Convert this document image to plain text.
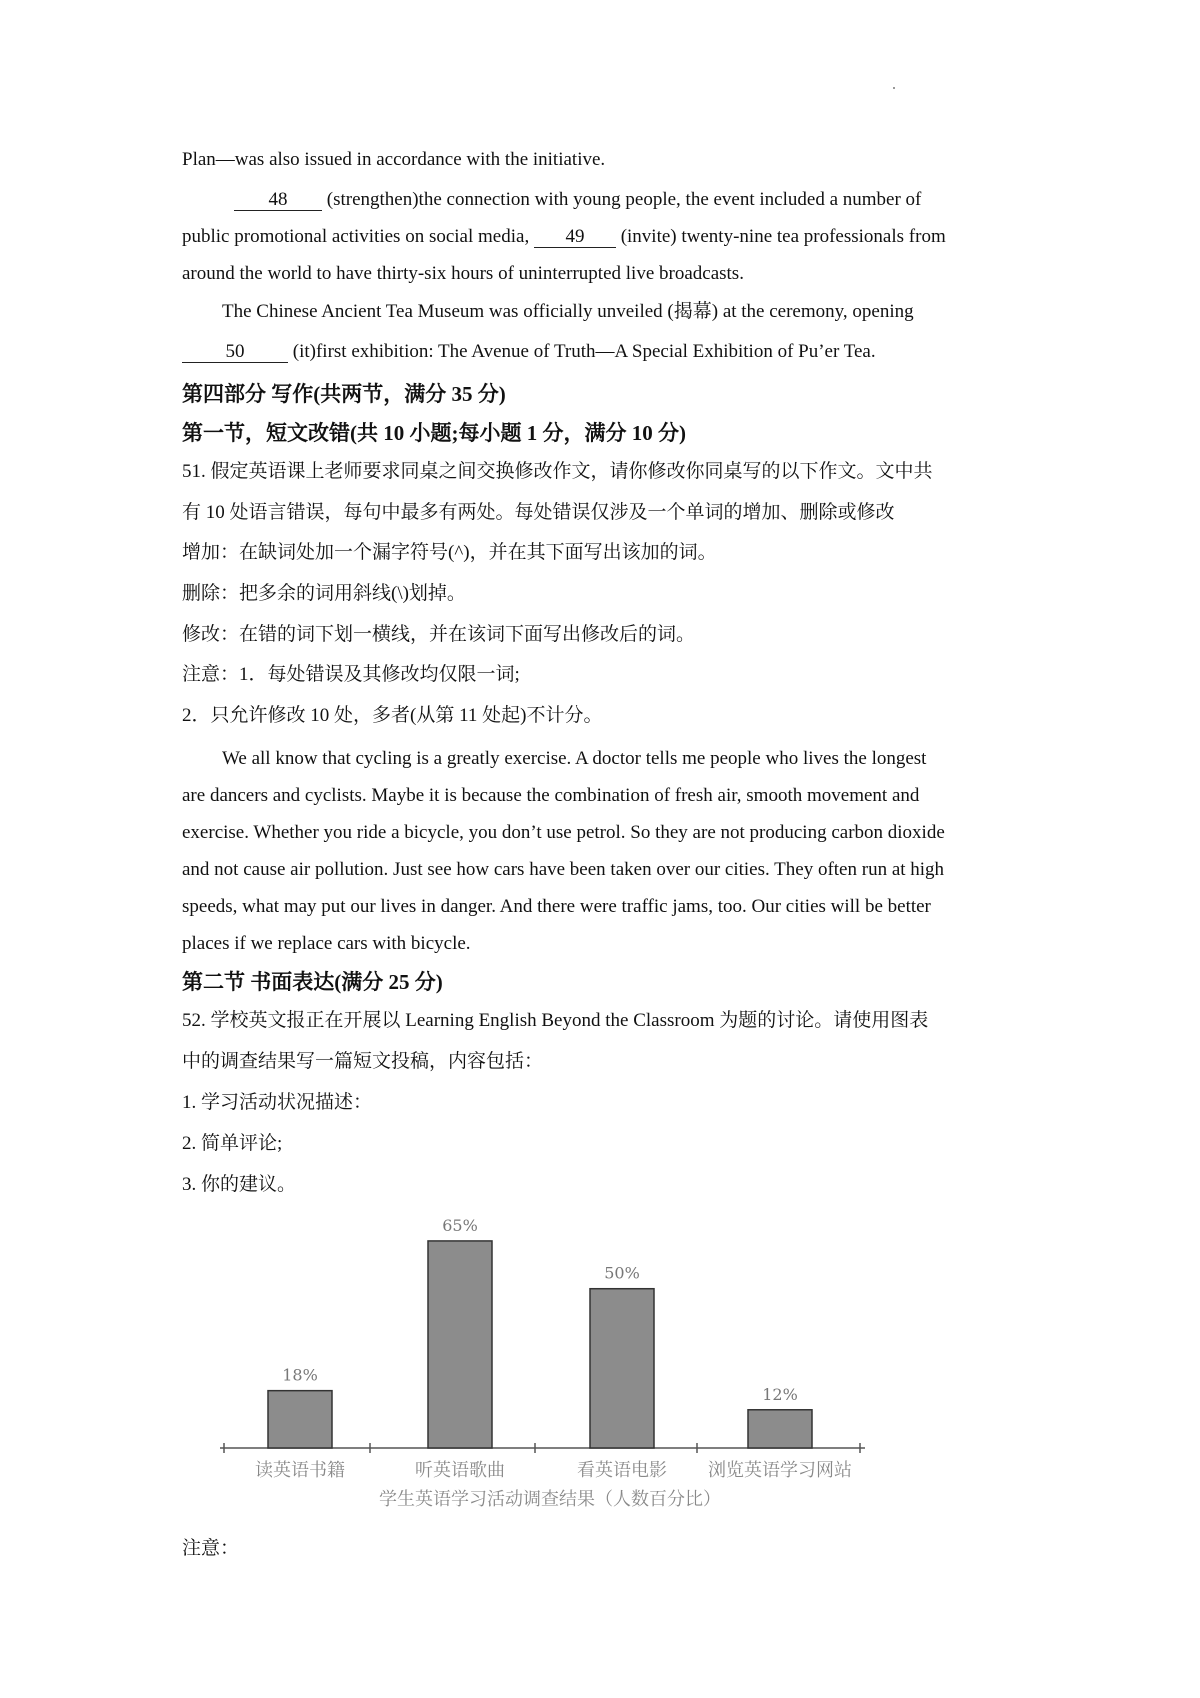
Plan—was also issued in accordance with the initiative.
48 (strengthen)the connection with young people, the event included a number of
public promotional activities on social media, 49 (invite) twenty-nine tea professionals from
around the world to have thirty-six hours of uninterrupted live broadcasts.
The Chinese Ancient Tea Museum was officially unveiled (揭幕) at the ceremony, opening
50	(it)first exhibition: The Avenue of Truth—A Special Exhibition of Pu’er Tea.
第四部分 写作(共两节，满分 35 分)
第一节，短文改错(共 10 小题;每小题 1 分，满分 10 分)
51. 假定英语课上老师要求同桌之间交换修改作文，请你修改你同桌写的以下作文。文中共
有 10 处语言错误，每句中最多有两处。每处错误仅涉及一个单词的增加、删除或修改
增加：在缺词处加一个漏字符号(^)，并在其下面写出该加的词。
删除：把多余的词用斜线(\)划掉。
修改：在错的词下划一横线，并在该词下面写出修改后的词。
注意：1．每处错误及其修改均仅限一词;
2．只允许修改 10 处，多者(从第 11 处起)不计分。
We all know that cycling is a greatly exercise. A doctor tells me people who lives the longest
are dancers and cyclists. Maybe it is because the combination of fresh air, smooth movement and
exercise. Whether you ride a bicycle, you don’t use petrol. So they are not producing carbon dioxide
and not cause air pollution. Just see how cars have been taken over our cities. They often run at high
speeds, what may put our lives in danger. And there were traffic jams, too. Our cities will be better
places if we replace cars with bicycle.
第二节 书面表达(满分 25 分)
52. 学校英文报正在开展以 Learning English Beyond the Classroom 为题的讨论。请使用图表
中的调查结果写一篇短文投稿，内容包括：
1. 学习活动状况描述：
2. 简单评论;
3. 你的建议。
18%
读英语书籍
65%
听英语歌曲
50%
看英语电影
12%
浏览英语学习网站
学生英语学习活动调查结果（人数百分比）
注意：
